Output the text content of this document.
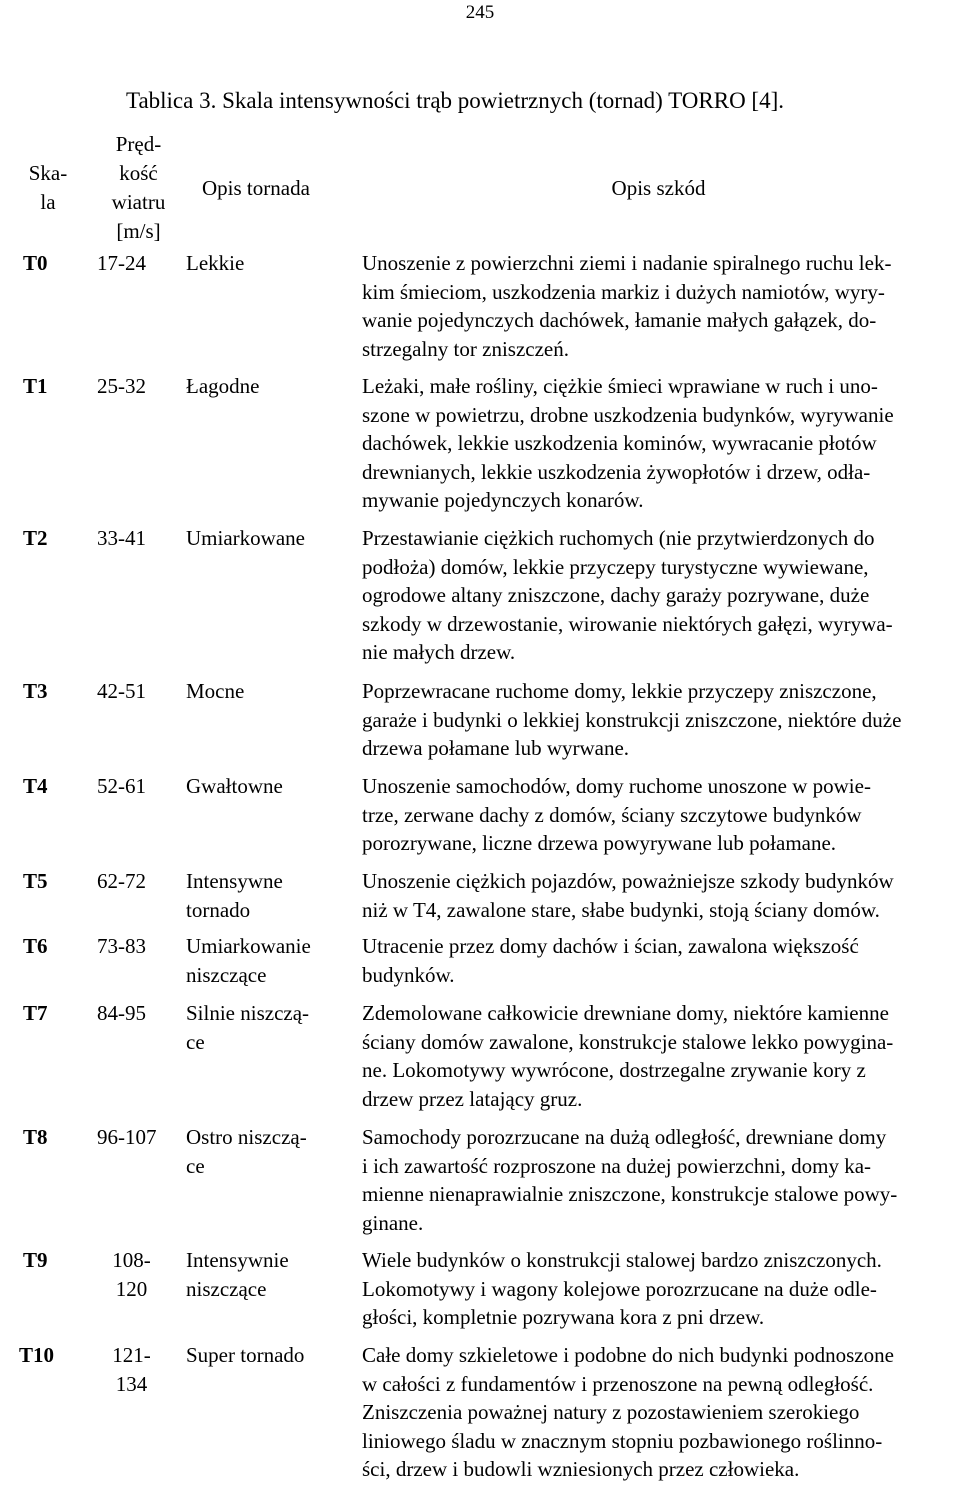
245
Tablica 3. Skala intensywności trąb powietrznych (tornad) TORRO [4].
Ska-
la	Pręd-
kość
wiatru
[m/s]	Opis tornada	Opis szkód
T0	17-24	Lekkie	Unoszenie z powierzchni ziemi i nadanie spiralnego ruchu lek-
kim śmieciom, uszkodzenia markiz i dużych namiotów, wyry-
wanie pojedynczych dachówek, łamanie małych gałązek, do-
strzegalny tor zniszczeń.
T1	25-32	Łagodne	Leżaki, małe rośliny, ciężkie śmieci wprawiane w ruch i uno-
szone w powietrzu, drobne uszkodzenia budynków, wyrywanie
dachówek, lekkie uszkodzenia kominów, wywracanie płotów
drewnianych, lekkie uszkodzenia żywopłotów i drzew, odła-
mywanie pojedynczych konarów.
T2	33-41	Umiarkowane	Przestawianie ciężkich ruchomych (nie przytwierdzonych do
podłoża) domów, lekkie przyczepy turystyczne wywiewane,
ogrodowe altany zniszczone, dachy garaży pozrywane, duże
szkody w drzewostanie, wirowanie niektórych gałęzi, wyrywa-
nie małych drzew.
T3	42-51	Mocne	Poprzewracane ruchome domy, lekkie przyczepy zniszczone,
garaże i budynki o lekkiej konstrukcji zniszczone, niektóre duże
drzewa połamane lub wyrwane.
T4	52-61	Gwałtowne	Unoszenie samochodów, domy ruchome unoszone w powie-
trze, zerwane dachy z domów, ściany szczytowe budynków
porozrywane, liczne drzewa powyrywane lub połamane.
T5	62-72	Intensywne
tornado	Unoszenie ciężkich pojazdów, poważniejsze szkody budynków
niż w T4, zawalone stare, słabe budynki, stoją ściany domów.
T6	73-83	Umiarkowanie
niszczące	Utracenie przez domy dachów i ścian, zawalona większość
budynków.
T7	84-95	Silnie niszczą-
ce	Zdemolowane całkowicie drewniane domy, niektóre kamienne
ściany domów zawalone, konstrukcje stalowe lekko powygina-
ne. Lokomotywy wywrócone, dostrzegalne zrywanie kory z
drzew przez latający gruz.
T8	96-107	Ostro niszczą-
ce	Samochody porozrzucane na dużą odległość, drewniane domy
i ich zawartość rozproszone na dużej powierzchni, domy ka-
mienne nienaprawialnie zniszczone, konstrukcje stalowe powy-
ginane.
T9	108-
120	Intensywnie
niszczące	Wiele budynków o konstrukcji stalowej bardzo zniszczonych.
Lokomotywy i wagony kolejowe porozrzucane na duże odle-
głości, kompletnie pozrywana kora z pni drzew.
T10	121-
134	Super tornado	Całe domy szkieletowe i podobne do nich budynki podnoszone
w całości z fundamentów i przenoszone na pewną odległość.
Zniszczenia poważnej natury z pozostawieniem szerokiego
liniowego śladu w znacznym stopniu pozbawionego roślinno-
ści, drzew i budowli wzniesionych przez człowieka.
